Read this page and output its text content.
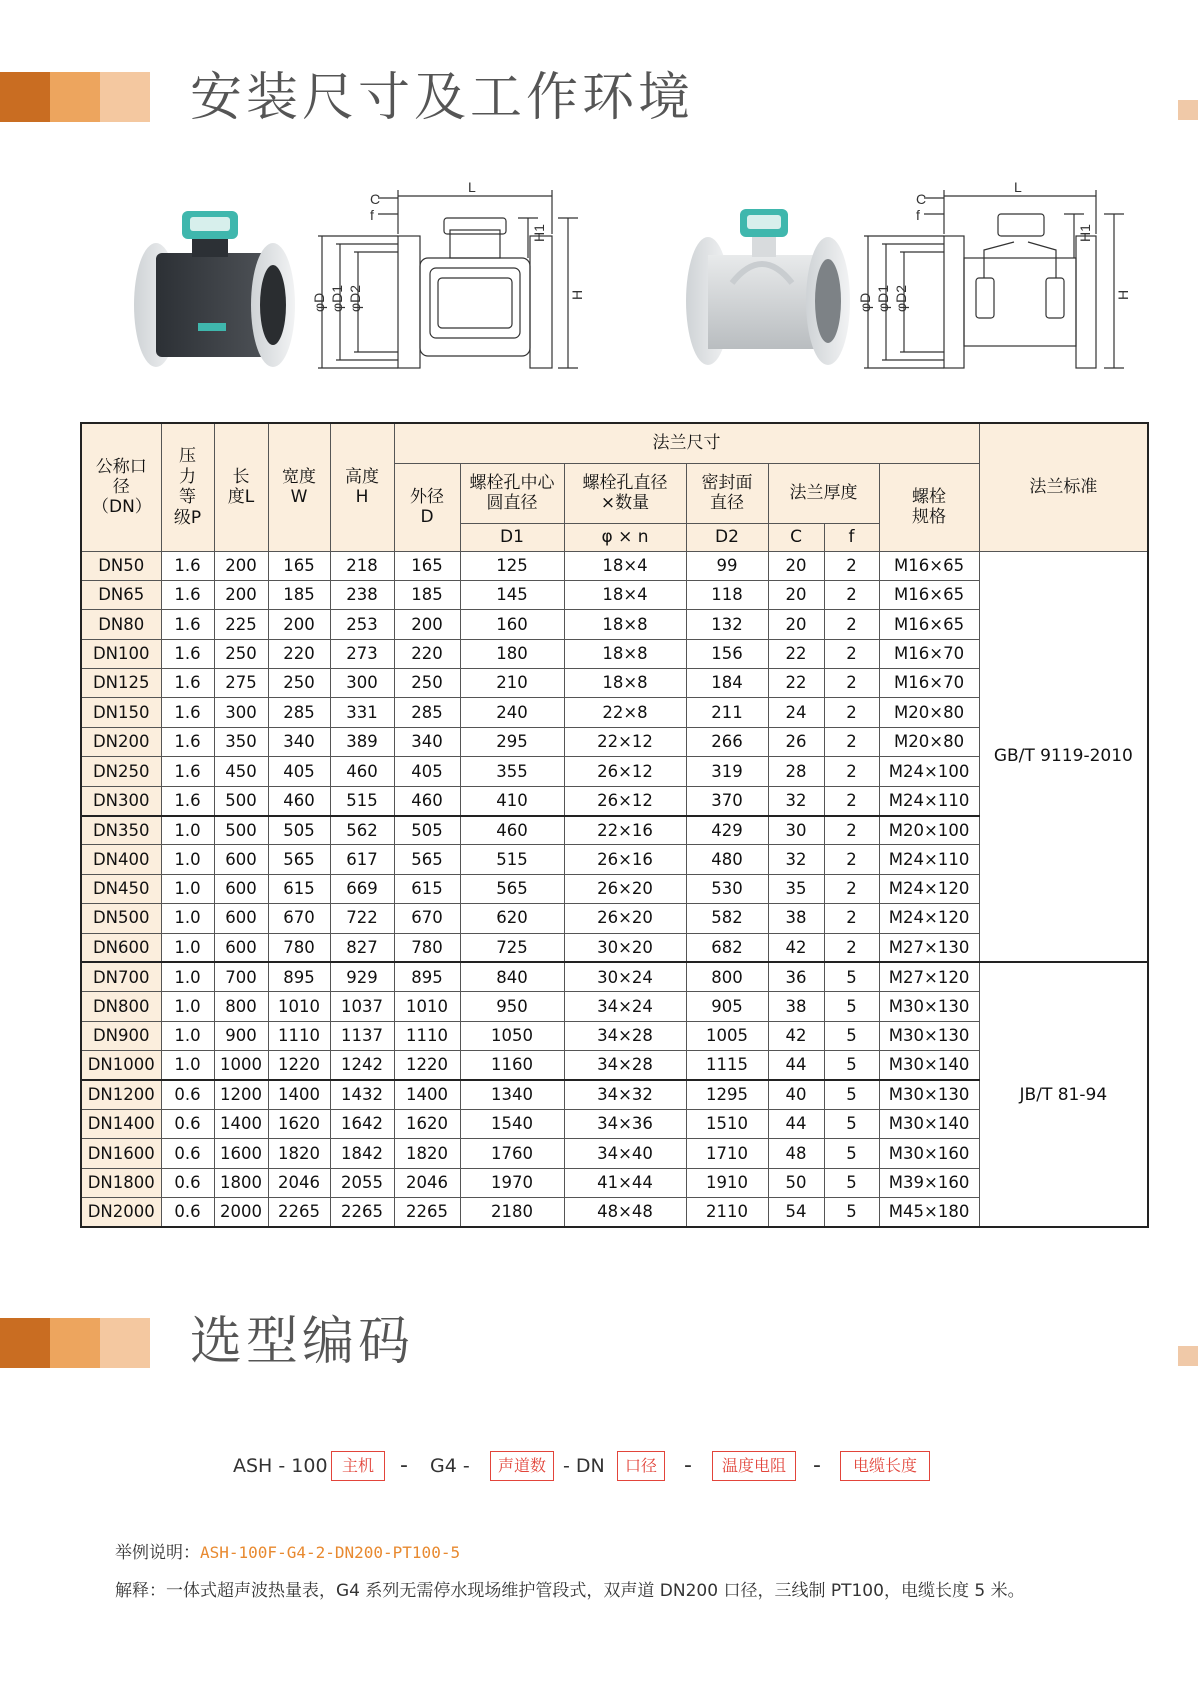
安装尺寸及工作环境
L
C
f
H1
H
φD φD1 φD2
L
C
f
H1
H
φD φD1 φD2
公称口径（DN）	压力等级P	长度L	宽度W	高度H	法兰尺寸							法兰标准
					外径D	螺栓孔中心圆直径	螺栓孔直径×数量	密封面直径	法兰厚度		螺栓规格	
						D1	φ × n	D2	C	f		
DN50	1.6	200	165	218	165	125	18×4	99	20	2	M16×65	GB/T 9119-2010
DN65	1.6	200	185	238	185	145	18×4	118	20	2	M16×65	
DN80	1.6	225	200	253	200	160	18×8	132	20	2	M16×65	
DN100	1.6	250	220	273	220	180	18×8	156	22	2	M16×70	
DN125	1.6	275	250	300	250	210	18×8	184	22	2	M16×70	
DN150	1.6	300	285	331	285	240	22×8	211	24	2	M20×80	
DN200	1.6	350	340	389	340	295	22×12	266	26	2	M20×80	
DN250	1.6	450	405	460	405	355	26×12	319	28	2	M24×100	
DN300	1.6	500	460	515	460	410	26×12	370	32	2	M24×110	
DN350	1.0	500	505	562	505	460	22×16	429	30	2	M20×100	
DN400	1.0	600	565	617	565	515	26×16	480	32	2	M24×110	
DN450	1.0	600	615	669	615	565	26×20	530	35	2	M24×120	
DN500	1.0	600	670	722	670	620	26×20	582	38	2	M24×120	
DN600	1.0	600	780	827	780	725	30×20	682	42	2	M27×130	
DN700	1.0	700	895	929	895	840	30×24	800	36	5	M27×120	JB/T 81-94
DN800	1.0	800	1010	1037	1010	950	34×24	905	38	5	M30×130	
DN900	1.0	900	1110	1137	1110	1050	34×28	1005	42	5	M30×130	
DN1000	1.0	1000	1220	1242	1220	1160	34×28	1115	44	5	M30×140	
DN1200	0.6	1200	1400	1432	1400	1340	34×32	1295	40	5	M30×130	
DN1400	0.6	1400	1620	1642	1620	1540	34×36	1510	44	5	M30×140	
DN1600	0.6	1600	1820	1842	1820	1760	34×40	1710	48	5	M30×160	
DN1800	0.6	1800	2046	2055	2046	1970	41×44	1910	50	5	M39×160	
DN2000	0.6	2000	2265	2265	2265	2180	48×48	2110	54	5	M45×180	
选型编码
ASH - 100 主机	- G4 -	声道数 - DN	口径	-	温度电阻	-	电缆长度
举例说明：ASH-100F-G4-2-DN200-PT100-5
解释：一体式超声波热量表，G4 系列无需停水现场维护管段式，双声道 DN200 口径，三线制 PT100，电缆长度 5 米。
